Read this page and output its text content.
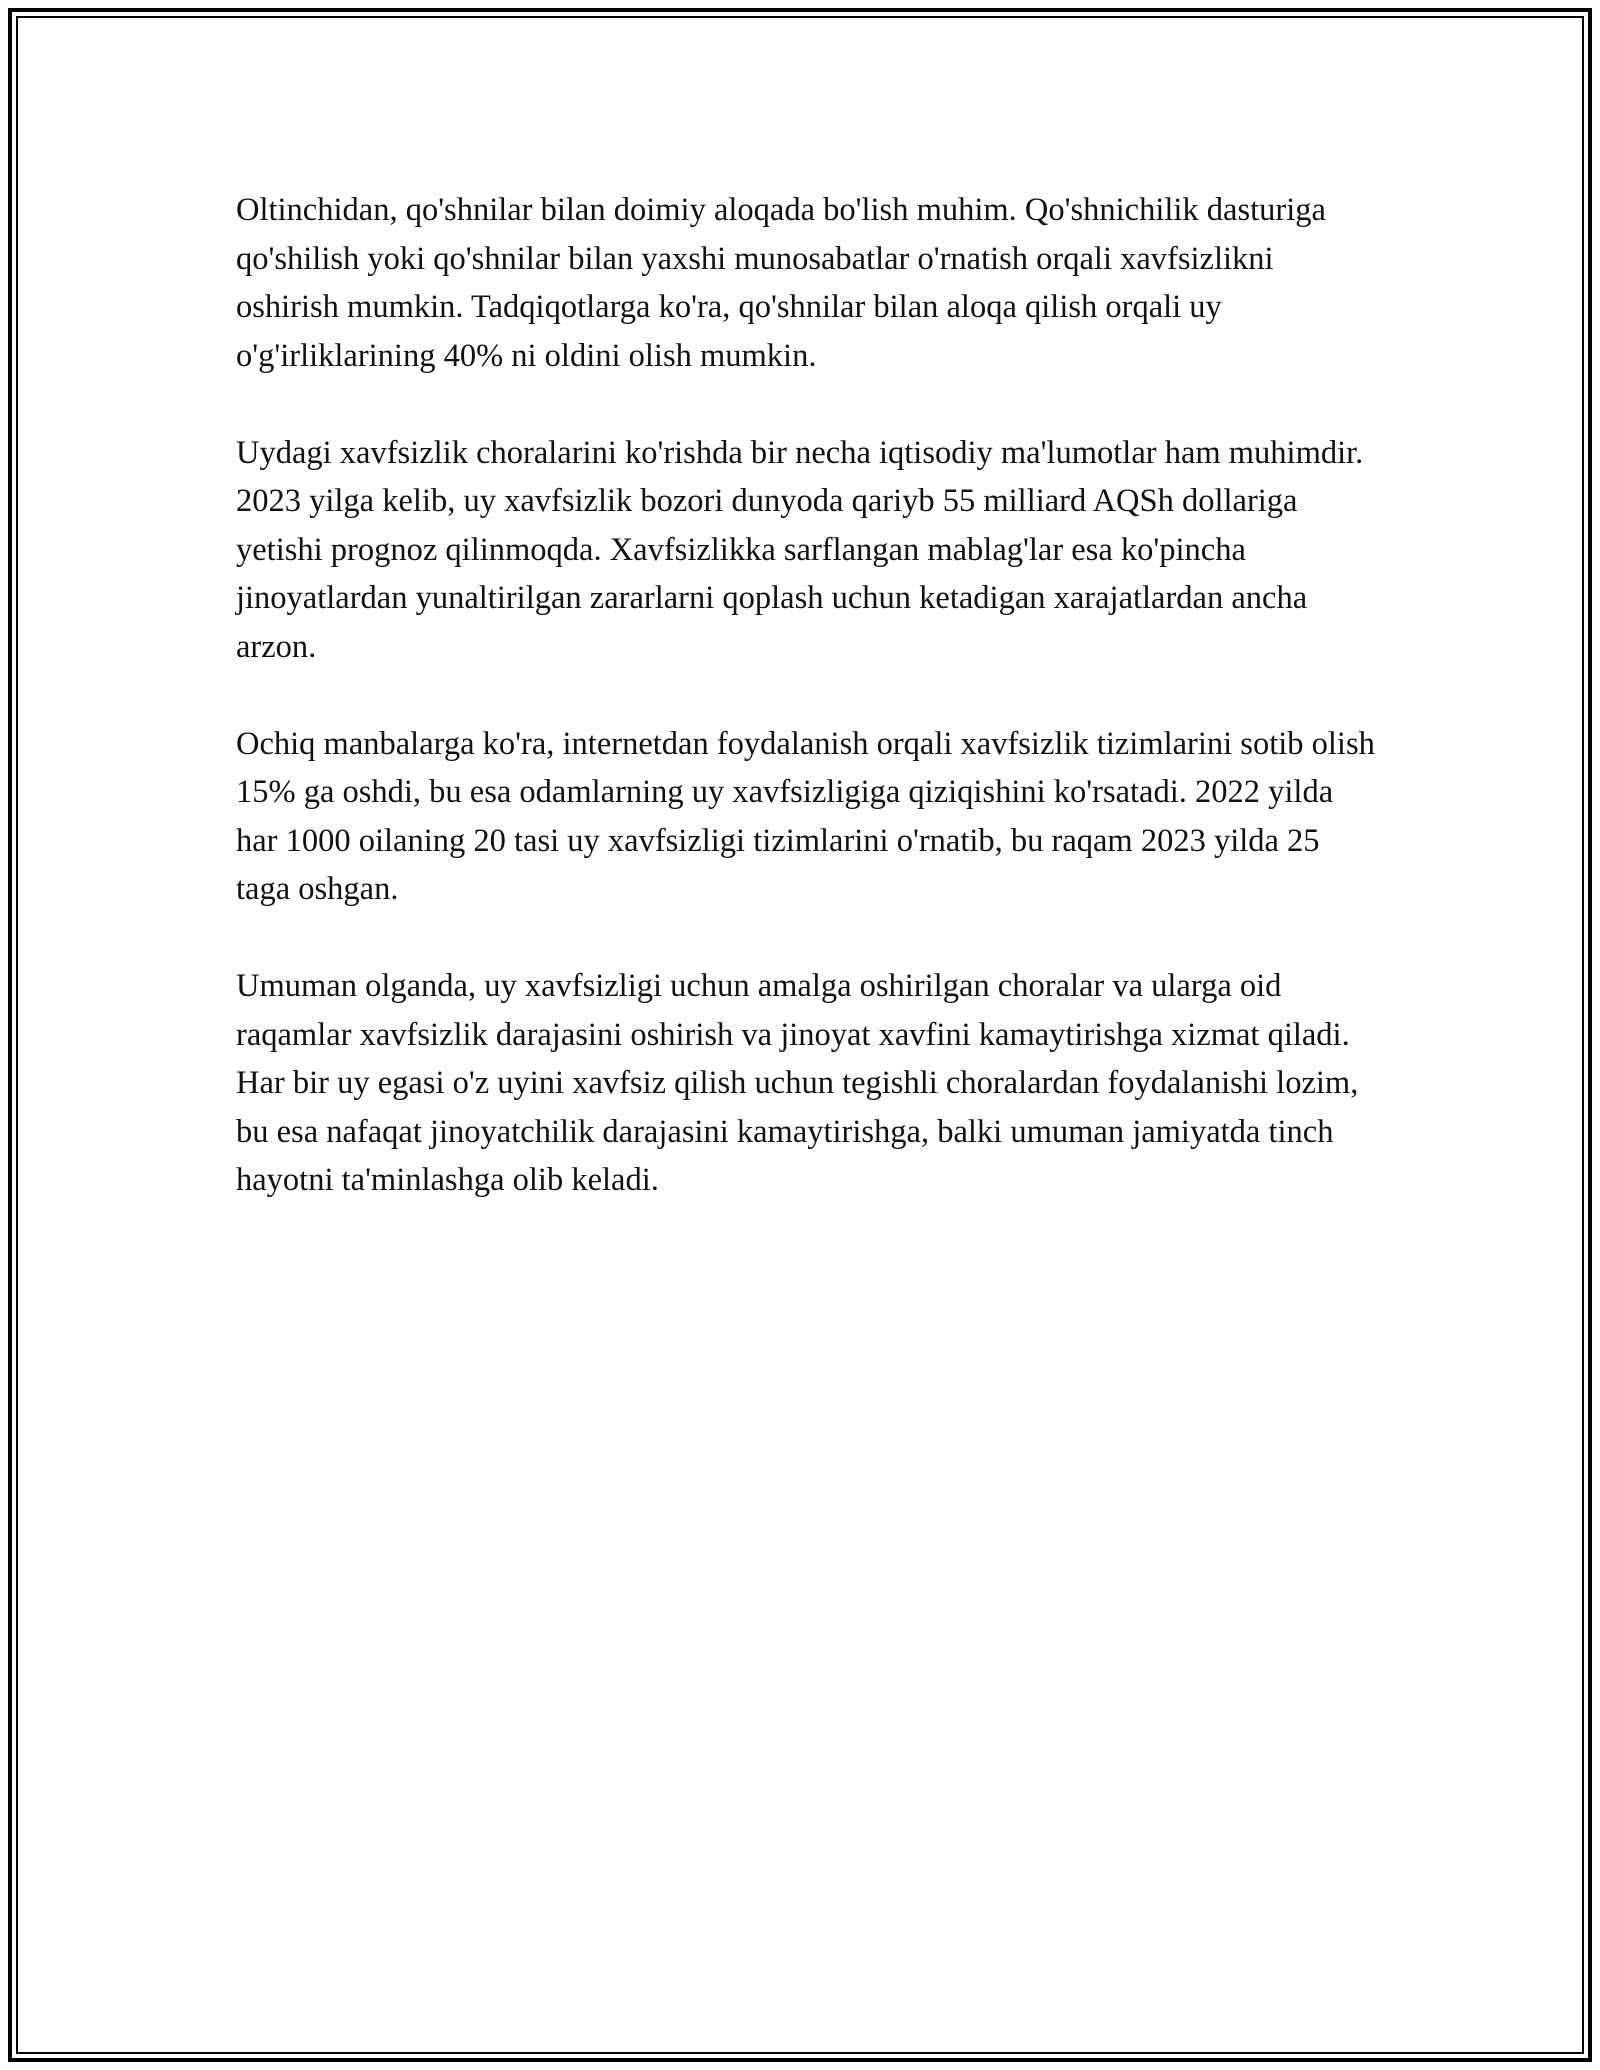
Oltinchidan, qo'shnilar bilan doimiy aloqada bo'lish muhim. Qo'shnichilik dasturiga qo'shilish yoki qo'shnilar bilan yaxshi munosabatlar o'rnatish orqali xavfsizlikni oshirish mumkin. Tadqiqotlarga ko'ra, qo'shnilar bilan aloqa qilish orqali uy o'g'irliklarining 40% ni oldini olish mumkin.

Uydagi xavfsizlik choralarini ko'rishda bir necha iqtisodiy ma'lumotlar ham muhimdir. 2023 yilga kelib, uy xavfsizlik bozori dunyoda qariyb 55 milliard AQSh dollariga yetishi prognoz qilinmoqda. Xavfsizlikka sarflangan mablag'lar esa ko'pincha jinoyatlardan yunaltirilgan zararlarni qoplash uchun ketadigan xarajatlardan ancha arzon.

Ochiq manbalarga ko'ra, internetdan foydalanish orqali xavfsizlik tizimlarini sotib olish 15% ga oshdi, bu esa odamlarning uy xavfsizligiga qiziqishini ko'rsatadi. 2022 yilda har 1000 oilaning 20 tasi uy xavfsizligi tizimlarini o'rnatib, bu raqam 2023 yilda 25 taga oshgan.

Umuman olganda, uy xavfsizligi uchun amalga oshirilgan choralar va ularga oid raqamlar xavfsizlik darajasini oshirish va jinoyat xavfini kamaytirishga xizmat qiladi. Har bir uy egasi o'z uyini xavfsiz qilish uchun tegishli choralardan foydalanishi lozim, bu esa nafaqat jinoyatchilik darajasini kamaytirishga, balki umuman jamiyatda tinch hayotni ta'minlashga olib keladi.
